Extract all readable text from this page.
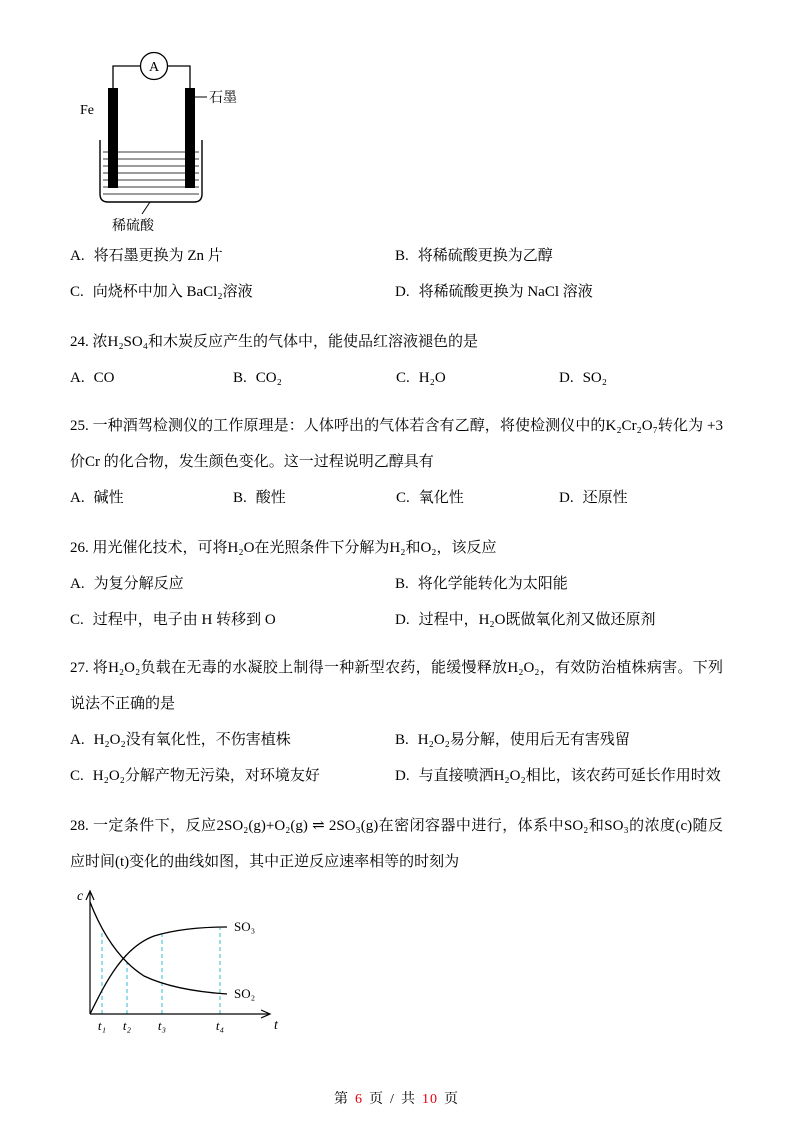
A
Fe
石墨
稀硫酸
A. 将石墨更换为 Zn 片	B. 将稀硫酸更换为乙醇
C. 向烧杯中加入 BaCl₂溶液	D. 将稀硫酸更换为 NaCl 溶液

24. 浓H₂SO₄和木炭反应产生的气体中，能使品红溶液褪色的是

A. CO	B. CO₂	C. H₂O	D. SO₂

25. 一种酒驾检测仪的工作原理是：人体呼出的气体若含有乙醇，将使检测仪中的K₂Cr₂O₇转化为 +3 价Cr 的化合物，发生颜色变化。这一过程说明乙醇具有

A. 碱性	B. 酸性	C. 氧化性	D. 还原性

26. 用光催化技术，可将H₂O在光照条件下分解为H₂和O₂，该反应

A. 为复分解反应	B. 将化学能转化为太阳能
C. 过程中，电子由 H 转移到 O	D. 过程中，H₂O既做氧化剂又做还原剂

27. 将H₂O₂负载在无毒的水凝胶上制得一种新型农药，能缓慢释放H₂O₂，有效防治植株病害。下列说法不正确的是

A. H₂O₂没有氧化性，不伤害植株	B. H₂O₂易分解，使用后无有害残留
C. H₂O₂分解产物无污染，对环境友好	D. 与直接喷洒H₂O₂相比，该农药可延长作用时效

28. 一定条件下，反应2SO₂(g)+O₂(g) ⇌ 2SO₃(g)在密闭容器中进行，体系中SO₂和SO₃的浓度(c)随反应时间(t)变化的曲线如图，其中正逆反应速率相等的时刻为

c
t
SO₃
SO₂
t₁ t₂ t₃	t₄
第 6 页 / 共 10 页
